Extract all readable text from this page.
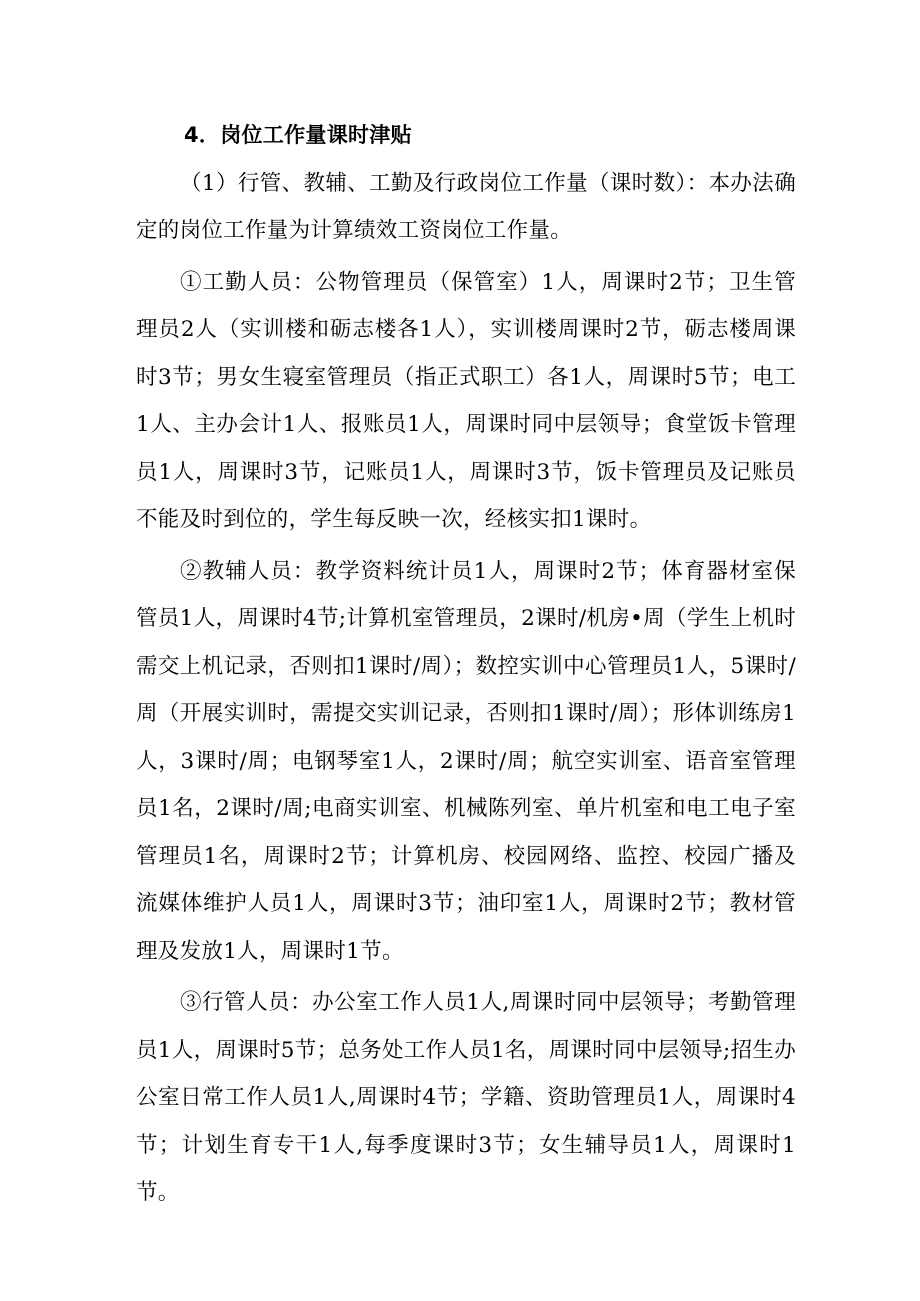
4．岗位工作量课时津贴

（1）行管、教辅、工勤及行政岗位工作量（课时数）：本办法确定的岗位工作量为计算绩效工资岗位工作量。

①工勤人员：公物管理员（保管室）1人，周课时2节；卫生管理员2人（实训楼和砺志楼各1人），实训楼周课时2节，砺志楼周课时3节；男女生寝室管理员（指正式职工）各1人，周课时5节；电工1人、主办会计1人、报账员1人，周课时同中层领导；食堂饭卡管理员1人，周课时3节，记账员1人，周课时3节，饭卡管理员及记账员不能及时到位的，学生每反映一次，经核实扣1课时。

②教辅人员：教学资料统计员1人，周课时2节；体育器材室保管员1人，周课时4节;计算机室管理员，2课时/机房•周（学生上机时需交上机记录，否则扣1课时/周）；数控实训中心管理员1人，5课时/周（开展实训时，需提交实训记录，否则扣1课时/周）；形体训练房1人，3课时/周；电钢琴室1人，2课时/周；航空实训室、语音室管理员1名，2课时/周;电商实训室、机械陈列室、单片机室和电工电子室管理员1名，周课时2节；计算机房、校园网络、监控、校园广播及流媒体维护人员1人，周课时3节；油印室1人，周课时2节；教材管理及发放1人，周课时1节。

③行管人员：办公室工作人员1人,周课时同中层领导；考勤管理员1人，周课时5节；总务处工作人员1名，周课时同中层领导;招生办公室日常工作人员1人,周课时4节；学籍、资助管理员1人，周课时4节；计划生育专干1人,每季度课时3节；女生辅导员1人，周课时1节。
